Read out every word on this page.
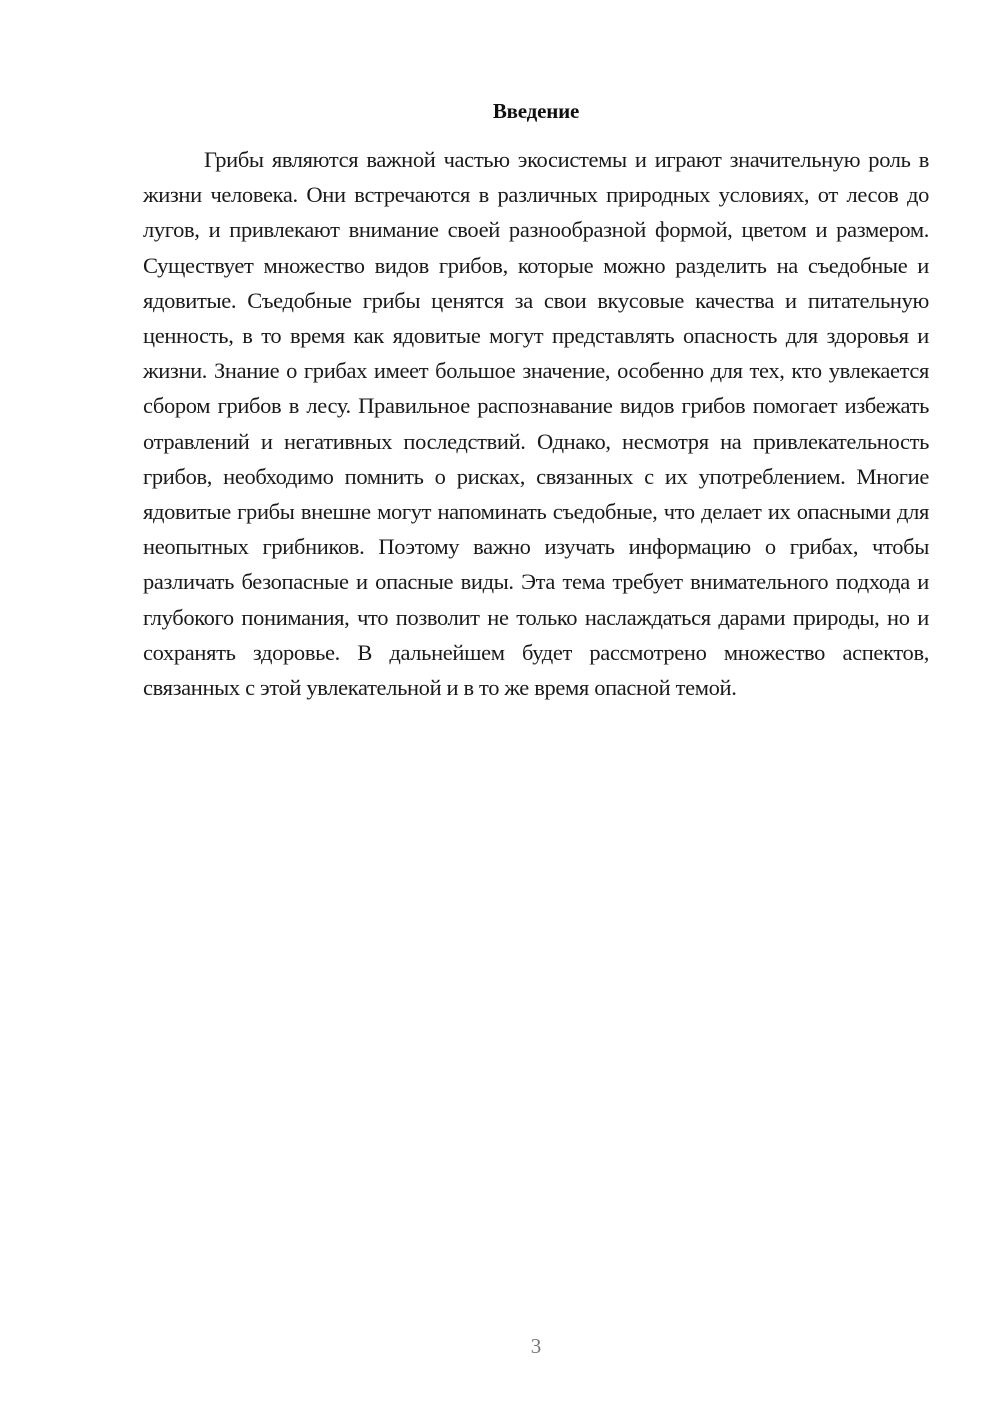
Введение

Грибы являются важной частью экосистемы и играют значительную роль в жизни человека. Они встречаются в различных природных условиях, от лесов до лугов, и привлекают внимание своей разнообразной формой, цветом и размером. Существует множество видов грибов, которые можно разделить на съедобные и ядовитые. Съедобные грибы ценятся за свои вкусовые качества и питательную ценность, в то время как ядовитые могут представлять опасность для здоровья и жизни. Знание о грибах имеет большое значение, особенно для тех, кто увлекается сбором грибов в лесу. Правильное распознавание видов грибов помогает избежать отравлений и негативных последствий. Однако, несмотря на привлекательность грибов, необходимо помнить о рисках, связанных с их употреблением. Многие ядовитые грибы внешне могут напоминать съедобные, что делает их опасными для неопытных грибников. Поэтому важно изучать информацию о грибах, чтобы различать безопасные и опасные виды. Эта тема требует внимательного подхода и глубокого понимания, что позволит не только наслаждаться дарами природы, но и сохранять здоровье. В дальнейшем будет рассмотрено множество аспектов, связанных с этой увлекательной и в то же время опасной темой.

3
